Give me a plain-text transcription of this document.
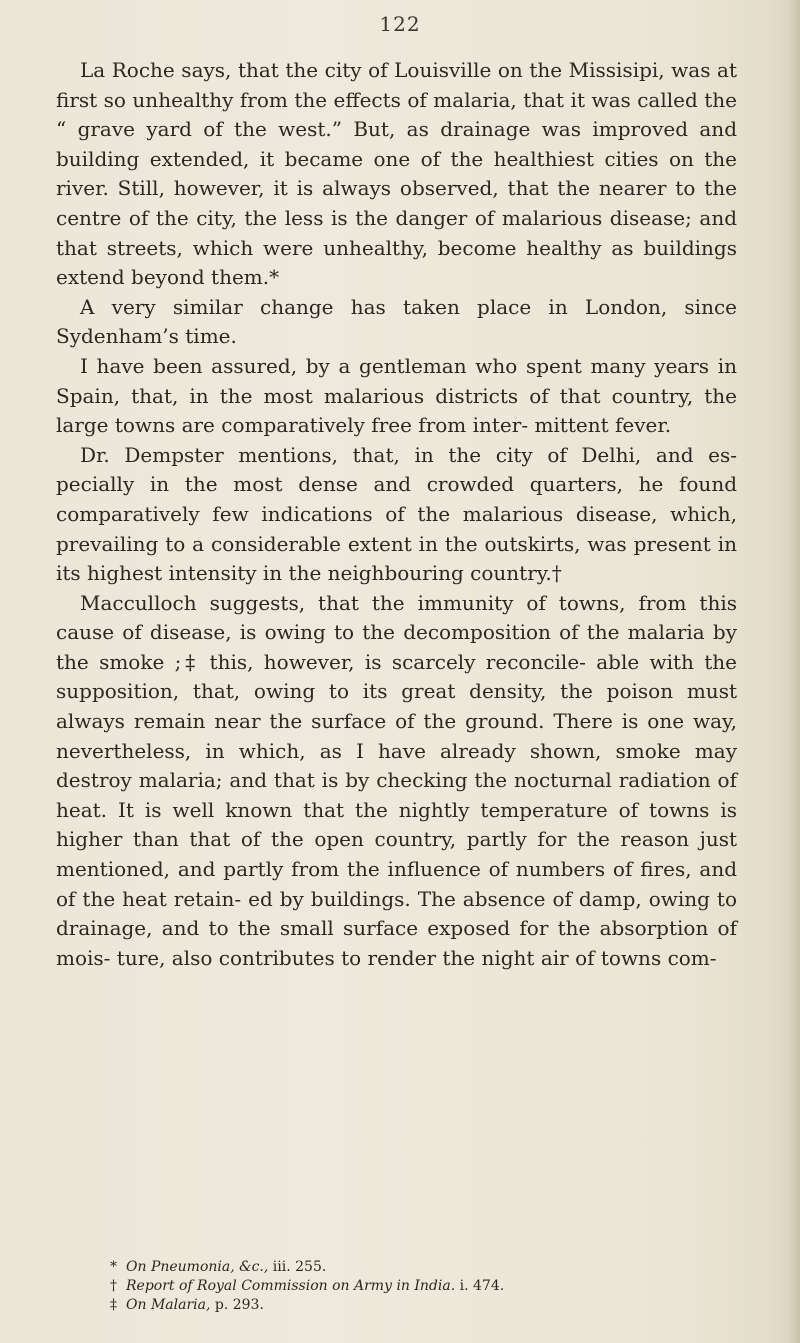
122

La Roche says, that the city of Louisville on the Missisipi, was at first so unhealthy from the effects of malaria, that it was called the “ grave yard of the west.” But, as drainage was improved and building extended, it became one of the healthiest cities on the river. Still, however, it is always observed, that the nearer to the centre of the city, the less is the danger of malarious disease; and that streets, which were unhealthy, become healthy as buildings extend beyond them.*

A very similar change has taken place in London, since Sydenham’s time.

I have been assured, by a gentleman who spent many years in Spain, that, in the most malarious districts of that country, the large towns are comparatively free from inter- mittent fever.

Dr. Dempster mentions, that, in the city of Delhi, and es- pecially in the most dense and crowded quarters, he found comparatively few indications of the malarious disease, which, prevailing to a considerable extent in the outskirts, was present in its highest intensity in the neighbouring country.†

Macculloch suggests, that the immunity of towns, from this cause of disease, is owing to the decomposition of the malaria by the smoke ;‡ this, however, is scarcely reconcile- able with the supposition, that, owing to its great density, the poison must always remain near the surface of the ground. There is one way, nevertheless, in which, as I have already shown, smoke may destroy malaria; and that is by checking the nocturnal radiation of heat. It is well known that the nightly temperature of towns is higher than that of the open country, partly for the reason just mentioned, and partly from the influence of numbers of fires, and of the heat retain- ed by buildings. The absence of damp, owing to drainage, and to the small surface exposed for the absorption of mois- ture, also contributes to render the night air of towns com-

* On Pneumonia, &c., iii. 255.

† Report of Royal Commission on Army in India. i. 474.

‡ On Malaria, p. 293.
